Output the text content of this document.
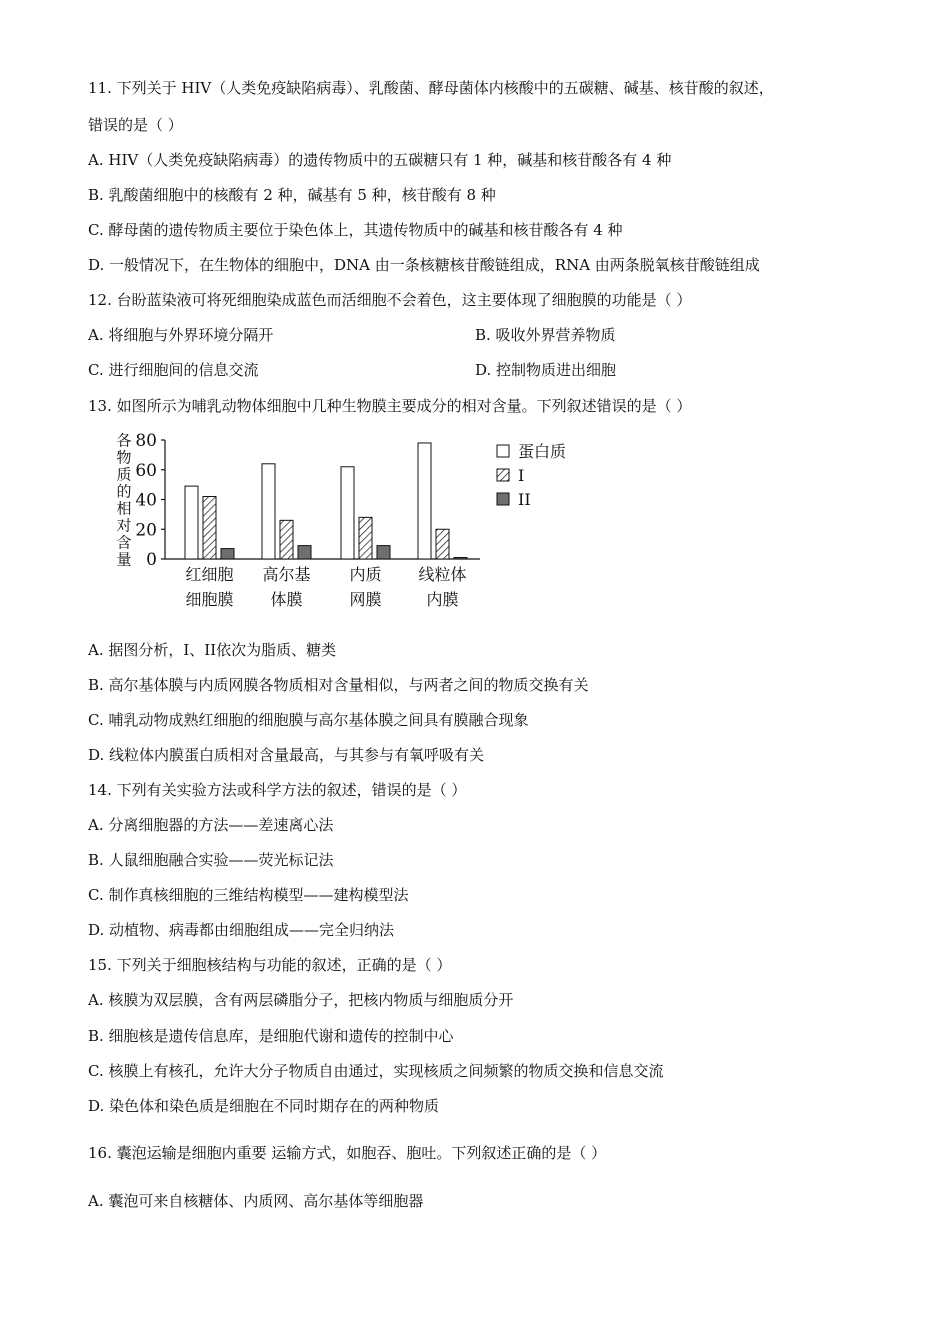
11. 下列关于 HIV（人类免疫缺陷病毒）、乳酸菌、酵母菌体内核酸中的五碳糖、碱基、核苷酸的叙述，
错误的是（ ）
A. HIV（人类免疫缺陷病毒）的遗传物质中的五碳糖只有 1 种，碱基和核苷酸各有 4 种
B. 乳酸菌细胞中的核酸有 2 种，碱基有 5 种，核苷酸有 8 种
C. 酵母菌的遗传物质主要位于染色体上，其遗传物质中的碱基和核苷酸各有 4 种
D. 一般情况下，在生物体的细胞中，DNA 由一条核糖核苷酸链组成，RNA 由两条脱氧核苷酸链组成
12. 台盼蓝染液可将死细胞染成蓝色而活细胞不会着色，这主要体现了细胞膜的功能是（ ）
A. 将细胞与外界环境分隔开	B. 吸收外界营养物质
C. 进行细胞间的信息交流	D. 控制物质进出细胞
13. 如图所示为哺乳动物体细胞中几种生物膜主要成分的相对含量。下列叙述错误的是（ ）
各物质的相对含量
80
60
40
20
0
红细胞
细胞膜
高尔基
体膜
内质
网膜
线粒体
内膜
蛋白质
I
II
A. 据图分析，I、II依次为脂质、糖类
B. 高尔基体膜与内质网膜各物质相对含量相似，与两者之间的物质交换有关
C. 哺乳动物成熟红细胞的细胞膜与高尔基体膜之间具有膜融合现象
D. 线粒体内膜蛋白质相对含量最高，与其参与有氧呼吸有关
14. 下列有关实验方法或科学方法的叙述，错误的是（ ）
A. 分离细胞器的方法——差速离心法
B. 人鼠细胞融合实验——荧光标记法
C. 制作真核细胞的三维结构模型——建构模型法
D. 动植物、病毒都由细胞组成——完全归纳法
15. 下列关于细胞核结构与功能的叙述，正确的是（ ）
A. 核膜为双层膜，含有两层磷脂分子，把核内物质与细胞质分开
B. 细胞核是遗传信息库，是细胞代谢和遗传的控制中心
C. 核膜上有核孔，允许大分子物质自由通过，实现核质之间频繁的物质交换和信息交流
D. 染色体和染色质是细胞在不同时期存在的两种物质
16. 囊泡运输是细胞内重要 运输方式，如胞吞、胞吐。下列叙述正确的是（ ）
A. 囊泡可来自核糖体、内质网、高尔基体等细胞器
